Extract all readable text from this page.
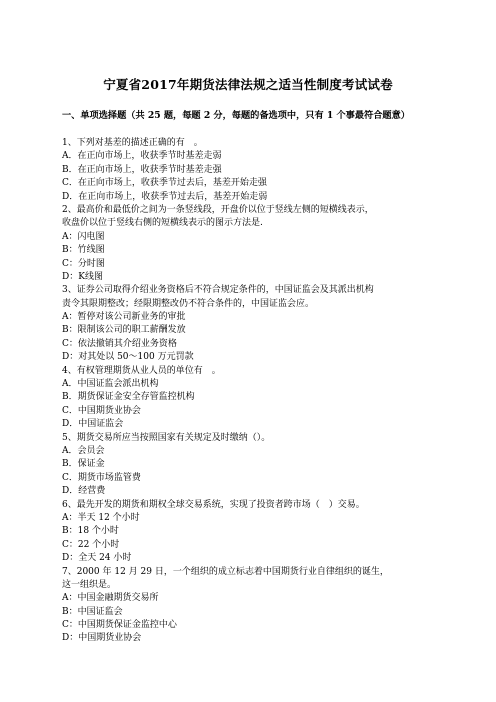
宁夏省2017年期货法律法规之适当性制度考试试卷
一、单项选择题（共 25 题，每题 2 分，每题的备选项中，只有 1 个事最符合题意）
1、下列对基差的描述正确的有　。
A．在正向市场上，收获季节时基差走弱
B．在正向市场上，收获季节时基差走强
C．在正向市场上，收获季节过去后，基差开始走强
D．在正向市场上，收获季节过去后，基差开始走弱
2、最高价和最低价之间为一条竖线段，开盘价以位于竖线左侧的短横线表示，
收盘价以位于竖线右侧的短横线表示的图示方法是.
A：闪电图
B：竹线图
C：分时图
D：K线图
3、证券公司取得介绍业务资格后不符合规定条件的，中国证监会及其派出机构
责令其限期整改；经限期整改仍不符合条件的，中国证监会应。
A：暂停对该公司新业务的审批
B：限制该公司的职工薪酬发放
C：依法撤销其介绍业务资格
D：对其处以 50～100 万元罚款
4、有权管理期货从业人员的单位有　。
A．中国证监会派出机构
B．期货保证金安全存管监控机构
C．中国期货业协会
D．中国证监会
5、期货交易所应当按照国家有关规定及时缴纳（）。
A．会员会
B．保证金
C．期货市场监管费
D．经营费
6、最先开发的期货和期权全球交易系统，实现了投资者跨市场（　）交易。
A：半天 12 个小时
B：18 个小时
C：22 个小时
D：全天 24 小时
7、2000 年 12 月 29 日，一个组织的成立标志着中国期货行业自律组织的诞生，
这一组织是。
A：中国金融期货交易所
B：中国证监会
C：中国期货保证金监控中心
D：中国期货业协会
